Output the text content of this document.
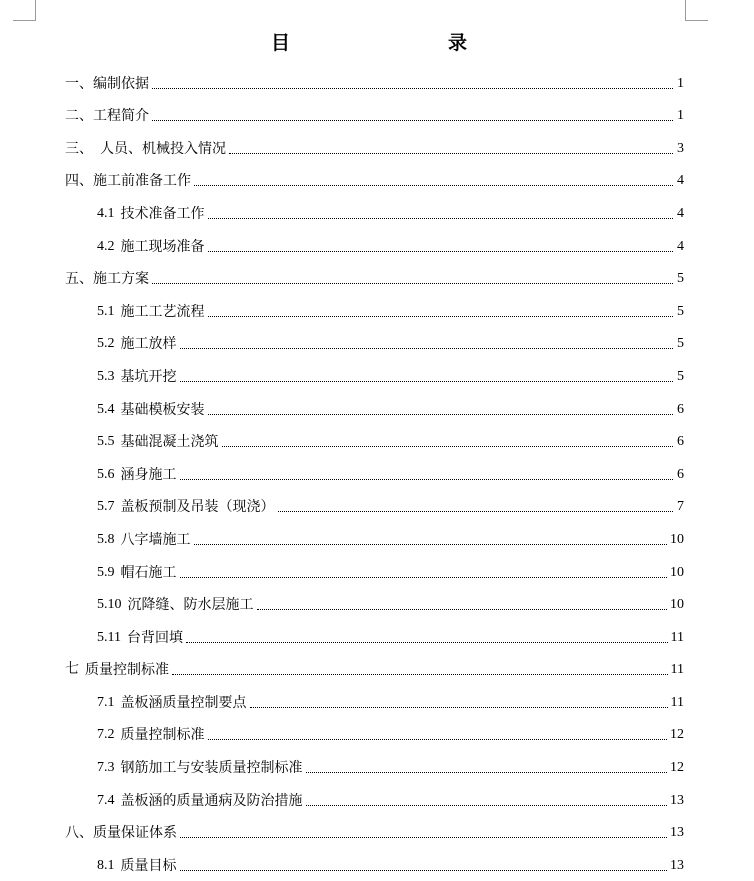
目　　录
一、编制依据	1
二、工程简介	1
三、　人员、机械投入情况	3
四、施工前准备工作	4
4.1 技术准备工作	4
4.2 施工现场准备	4
五、施工方案	5
5.1 施工工艺流程	5
5.2 施工放样	5
5.3 基坑开挖	5
5.4 基础模板安装	6
5.5 基础混凝土浇筑	6
5.6 涵身施工	6
5.7 盖板预制及吊装（现浇）	7
5.8 八字墙施工	10
5.9 帽石施工	10
5.10 沉降缝、防水层施工	10
5.11 台背回填	11
七 质量控制标准	11
7.1 盖板涵质量控制要点	11
7.2 质量控制标准	12
7.3 钢筋加工与安装质量控制标准	12
7.4 盖板涵的质量通病及防治措施	13
八、质量保证体系	13
8.1 质量目标	13
